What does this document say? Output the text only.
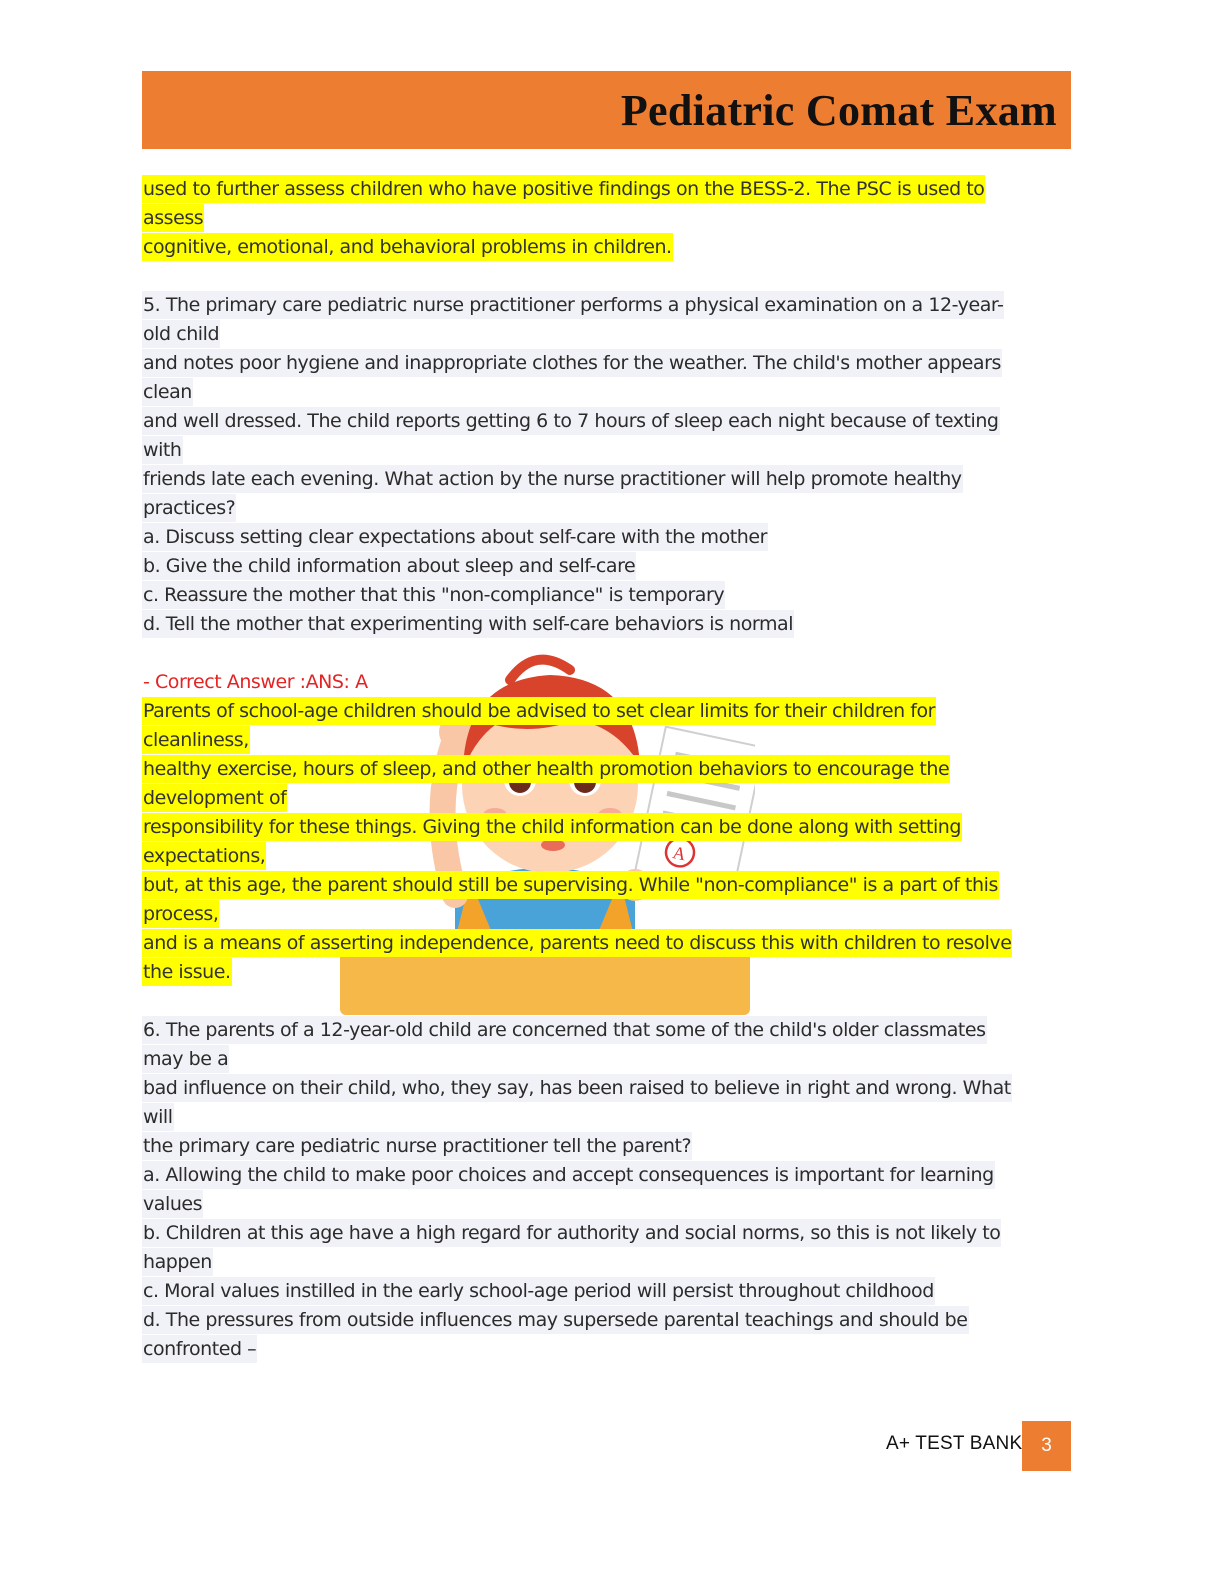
Pediatric Comat Exam
A
used to further assess children who have positive findings on the BESS-2. The PSC is used to
assess
cognitive, emotional, and behavioral problems in children.
5. The primary care pediatric nurse practitioner performs a physical examination on a 12-year-
old child
and notes poor hygiene and inappropriate clothes for the weather. The child's mother appears
clean
and well dressed. The child reports getting 6 to 7 hours of sleep each night because of texting
with
friends late each evening. What action by the nurse practitioner will help promote healthy
practices?
a. Discuss setting clear expectations about self-care with the mother
b. Give the child information about sleep and self-care
c. Reassure the mother that this "non-compliance" is temporary
d. Tell the mother that experimenting with self-care behaviors is normal
- Correct Answer :ANS: A
Parents of school-age children should be advised to set clear limits for their children for
cleanliness,
healthy exercise, hours of sleep, and other health promotion behaviors to encourage the
development of
responsibility for these things. Giving the child information can be done along with setting
expectations,
but, at this age, the parent should still be supervising. While "non-compliance" is a part of this
process,
and is a means of asserting independence, parents need to discuss this with children to resolve
the issue.
6. The parents of a 12-year-old child are concerned that some of the child's older classmates
may be a
bad influence on their child, who, they say, has been raised to believe in right and wrong. What
will
the primary care pediatric nurse practitioner tell the parent?
a. Allowing the child to make poor choices and accept consequences is important for learning
values
b. Children at this age have a high regard for authority and social norms, so this is not likely to
happen
c. Moral values instilled in the early school-age period will persist throughout childhood
d. The pressures from outside influences may supersede parental teachings and should be
confronted –
A+ TEST BANK 3
